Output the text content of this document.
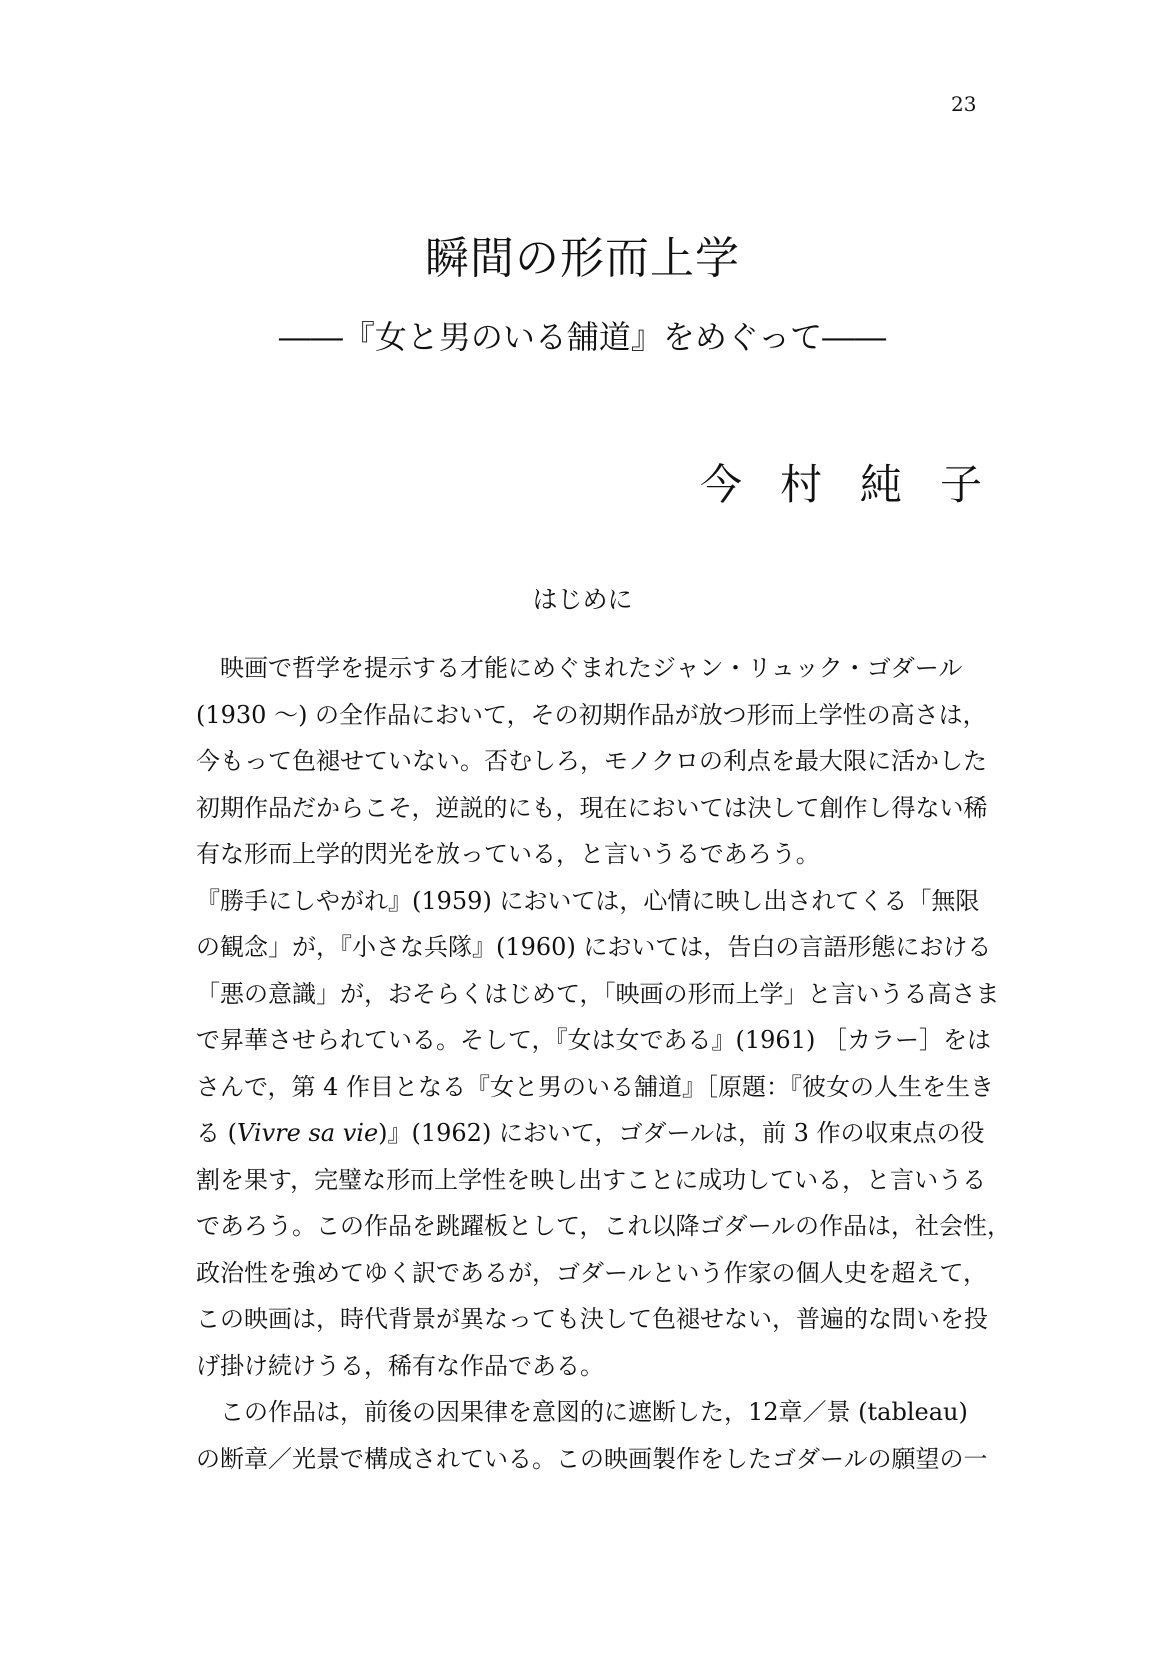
23
瞬間の形而上学
――『女と男のいる舗道』をめぐって――
今 村 純 子
はじめに

映画で哲学を提示する才能にめぐまれたジャン・リュック・ゴダール
(1930 〜) の全作品において，その初期作品が放つ形而上学性の高さは，
今もって色褪せていない。否むしろ，モノクロの利点を最大限に活かした
初期作品だからこそ，逆説的にも，現在においては決して創作し得ない稀
有な形而上学的閃光を放っている，と言いうるであろう。

『勝手にしやがれ』(1959) においては，心情に映し出されてくる「無限
の観念」が，『小さな兵隊』(1960) においては，告白の言語形態における
「悪の意識」が，おそらくはじめて，「映画の形而上学」と言いうる高さま
で昇華させられている。そして，『女は女である』(1961) ［カラー］をは
さんで，第 4 作目となる『女と男のいる舗道』［原題：『彼女の人生を生き
る (Vivre sa vie)』(1962) において，ゴダールは，前 3 作の収束点の役
割を果す，完璧な形而上学性を映し出すことに成功している，と言いうる
であろう。この作品を跳躍板として，これ以降ゴダールの作品は，社会性，
政治性を強めてゆく訳であるが，ゴダールという作家の個人史を超えて，
この映画は，時代背景が異なっても決して色褪せない，普遍的な問いを投
げ掛け続けうる，稀有な作品である。

この作品は，前後の因果律を意図的に遮断した，12章／景 (tableau)
の断章／光景で構成されている。この映画製作をしたゴダールの願望の一
